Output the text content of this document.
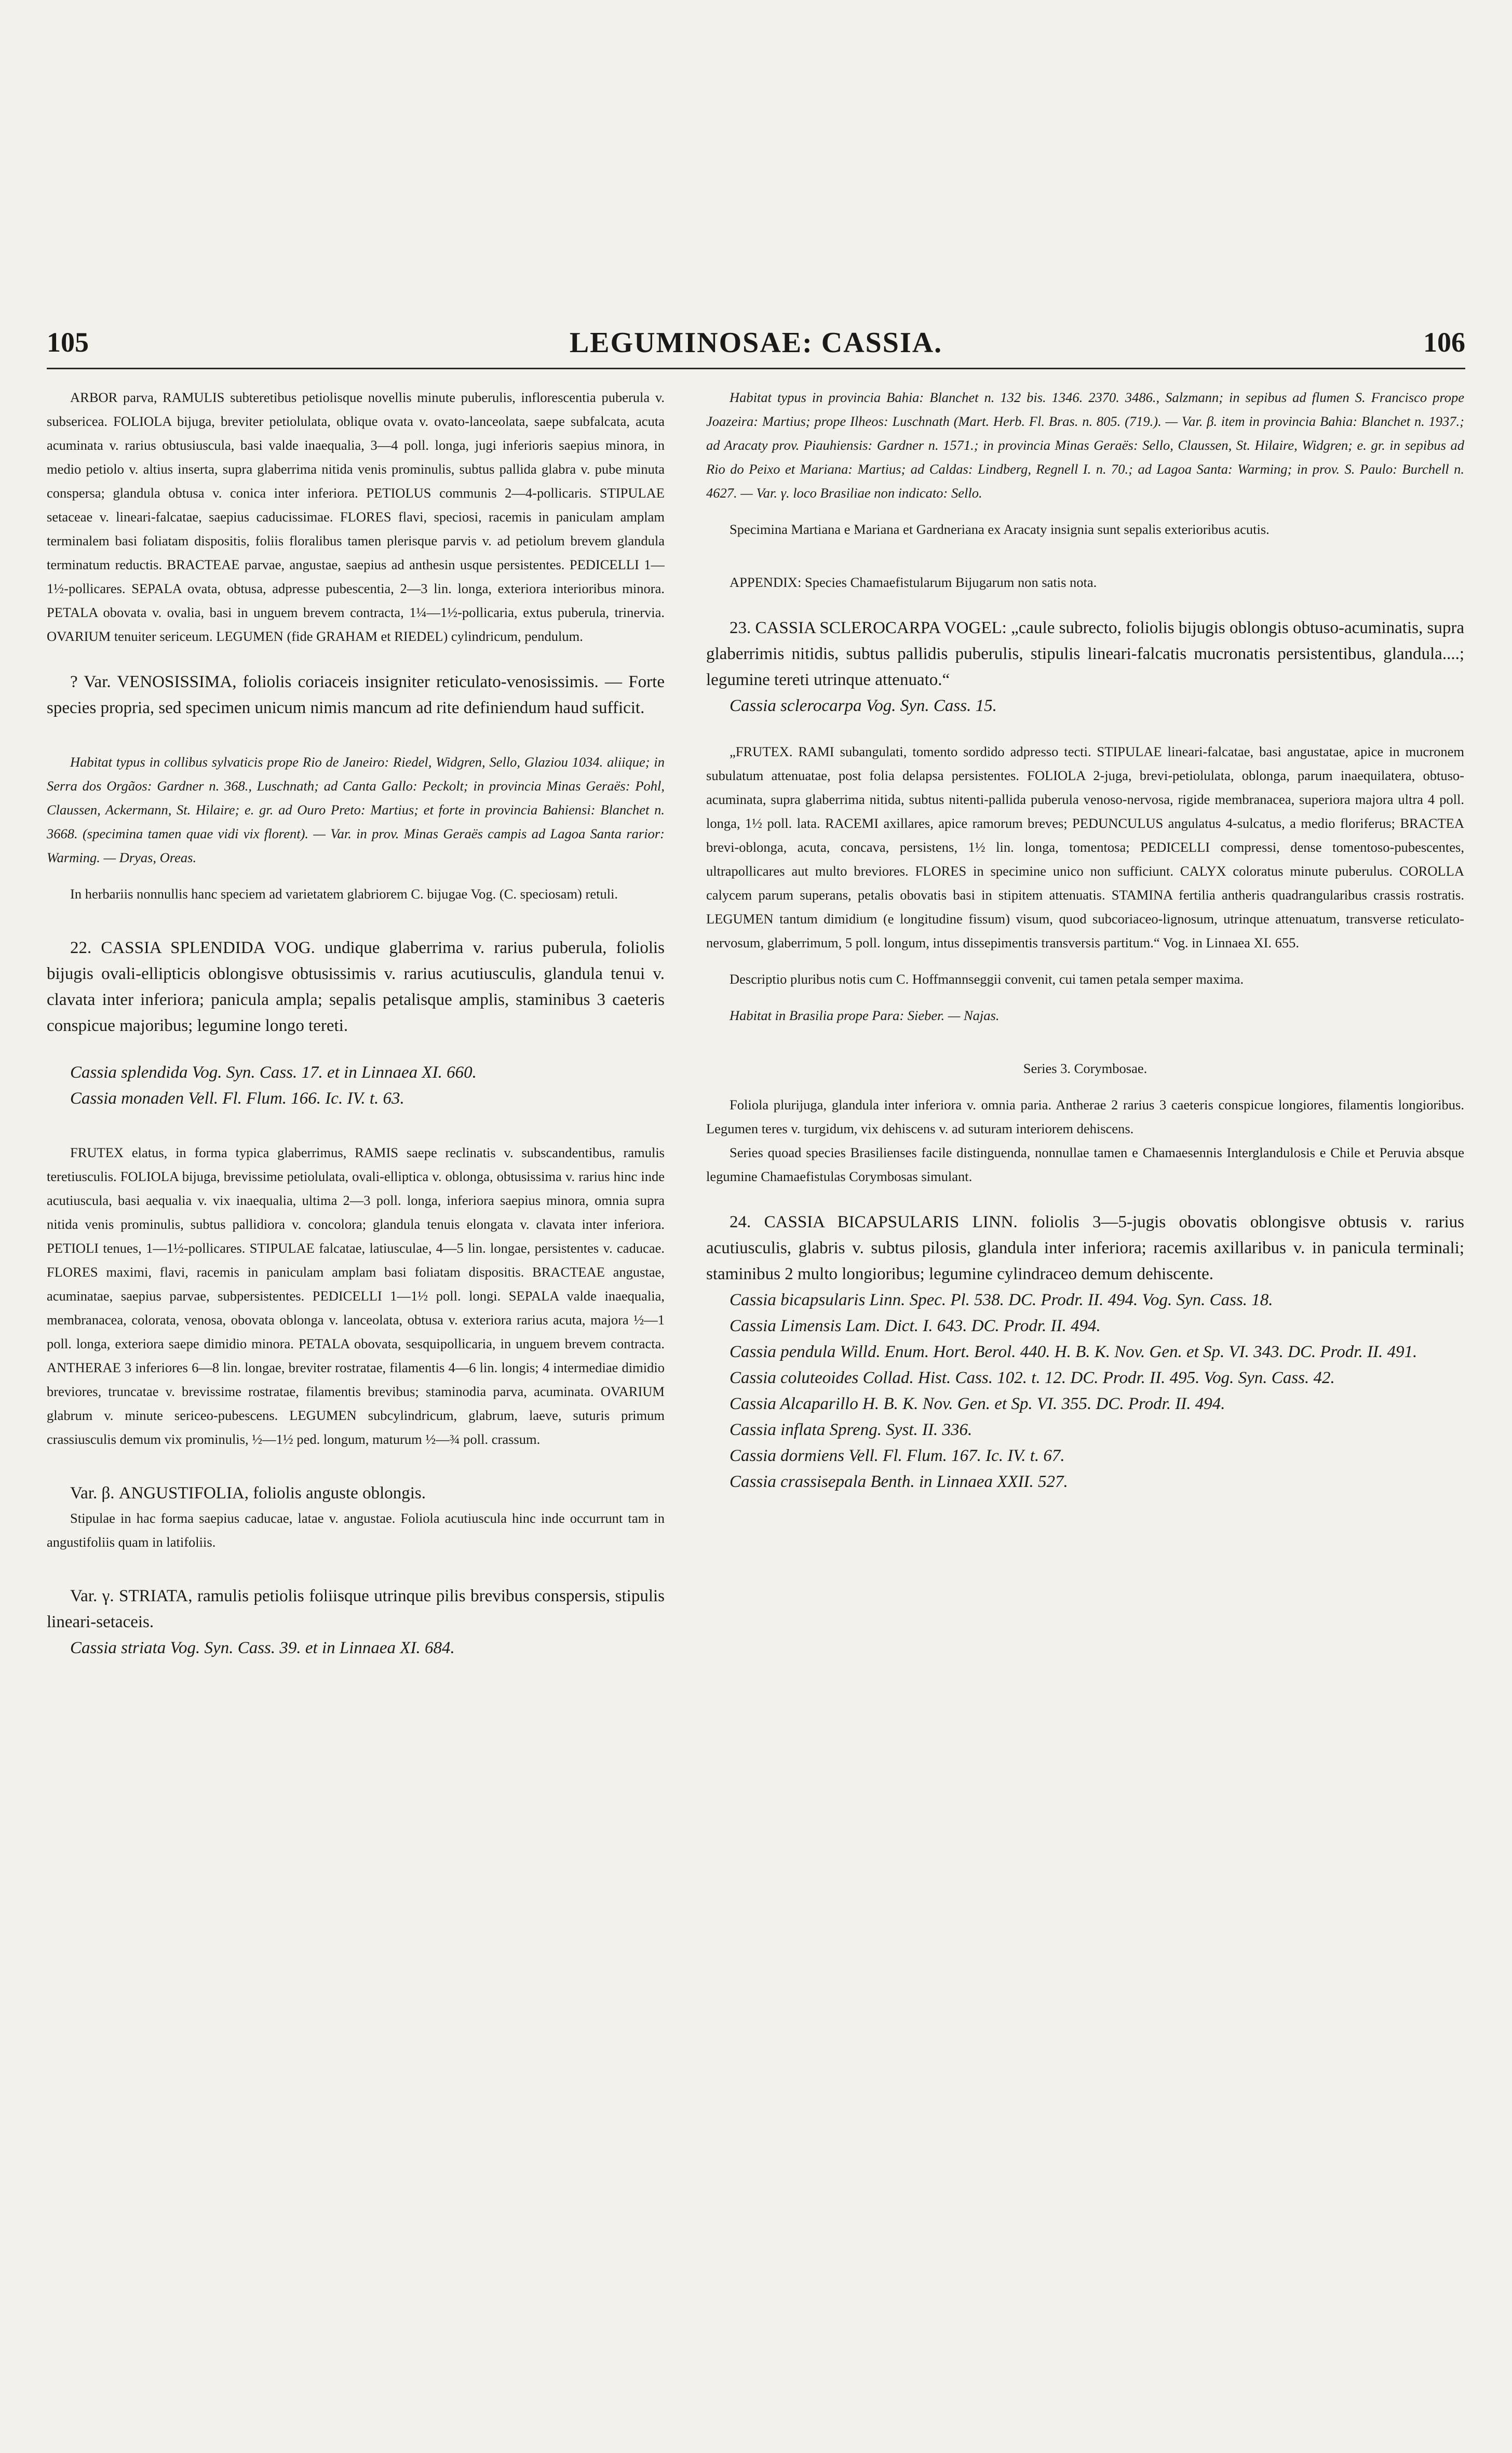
105	LEGUMINOSAE: CASSIA.	106

ARBOR parva, RAMULIS subteretibus petiolisque novellis minute puberulis, inflorescentia puberula v. subsericea. FOLIOLA bijuga, breviter petiolulata, oblique ovata v. ovato-lanceolata, saepe subfalcata, acuta acuminata v. rarius obtusiuscula, basi valde inaequalia, 3—4 poll. longa, jugi inferioris saepius minora, in medio petiolo v. altius inserta, supra glaberrima nitida venis prominulis, subtus pallida glabra v. pube minuta conspersa; glandula obtusa v. conica inter inferiora. PETIOLUS communis 2—4-pollicaris. STIPULAE setaceae v. lineari-falcatae, saepius caducissimae. FLORES flavi, speciosi, racemis in paniculam amplam terminalem basi foliatam dispositis, foliis floralibus tamen plerisque parvis v. ad petiolum brevem glandula terminatum reductis. BRACTEAE parvae, angustae, saepius ad anthesin usque persistentes. PEDICELLI 1—1½-pollicares. SEPALA ovata, obtusa, adpresse pubescentia, 2—3 lin. longa, exteriora interioribus minora. PETALA obovata v. ovalia, basi in unguem brevem contracta, 1¼—1½-pollicaria, extus puberula, trinervia. OVARIUM tenuiter sericeum. LEGUMEN (fide GRAHAM et RIEDEL) cylindricum, pendulum.

? Var. VENOSISSIMA, foliolis coriaceis insigniter reticulato-venosissimis. — Forte species propria, sed specimen unicum nimis mancum ad rite definiendum haud sufficit.

Habitat typus in collibus sylvaticis prope Rio de Janeiro: Riedel, Widgren, Sello, Glaziou 1034. aliique; in Serra dos Orgãos: Gardner n. 368., Luschnath; ad Canta Gallo: Peckolt; in provincia Minas Geraës: Pohl, Claussen, Ackermann, St. Hilaire; e. gr. ad Ouro Preto: Martius; et forte in provincia Bahiensi: Blanchet n. 3668. (specimina tamen quae vidi vix florent). — Var. in prov. Minas Geraës campis ad Lagoa Santa rarior: Warming. — Dryas, Oreas.

In herbariis nonnullis hanc speciem ad varietatem glabriorem C. bijugae Vog. (C. speciosam) retuli.

22. CASSIA SPLENDIDA VOG. undique glaberrima v. rarius puberula, foliolis bijugis ovali-ellipticis oblongisve obtusissimis v. rarius acutiusculis, glandula tenui v. clavata inter inferiora; panicula ampla; sepalis petalisque amplis, staminibus 3 caeteris conspicue majoribus; legumine longo tereti.

Cassia splendida Vog. Syn. Cass. 17. et in Linnaea XI. 660.

Cassia monaden Vell. Fl. Flum. 166. Ic. IV. t. 63.

FRUTEX elatus, in forma typica glaberrimus, RAMIS saepe reclinatis v. subscandentibus, ramulis teretiusculis. FOLIOLA bijuga, brevissime petiolulata, ovali-elliptica v. oblonga, obtusissima v. rarius hinc inde acutiuscula, basi aequalia v. vix inaequalia, ultima 2—3 poll. longa, inferiora saepius minora, omnia supra nitida venis prominulis, subtus pallidiora v. concolora; glandula tenuis elongata v. clavata inter inferiora. PETIOLI tenues, 1—1½-pollicares. STIPULAE falcatae, latiusculae, 4—5 lin. longae, persistentes v. caducae. FLORES maximi, flavi, racemis in paniculam amplam basi foliatam dispositis. BRACTEAE angustae, acuminatae, saepius parvae, subpersistentes. PEDICELLI 1—1½ poll. longi. SEPALA valde inaequalia, membranacea, colorata, venosa, obovata oblonga v. lanceolata, obtusa v. exteriora rarius acuta, majora ½—1 poll. longa, exteriora saepe dimidio minora. PETALA obovata, sesquipollicaria, in unguem brevem contracta. ANTHERAE 3 inferiores 6—8 lin. longae, breviter rostratae, filamentis 4—6 lin. longis; 4 intermediae dimidio breviores, truncatae v. brevissime rostratae, filamentis brevibus; staminodia parva, acuminata. OVARIUM glabrum v. minute sericeo-pubescens. LEGUMEN subcylindricum, glabrum, laeve, suturis primum crassiusculis demum vix prominulis, ½—1½ ped. longum, maturum ½—¾ poll. crassum.

Var. β. ANGUSTIFOLIA, foliolis anguste oblongis.

Stipulae in hac forma saepius caducae, latae v. angustae. Foliola acutiuscula hinc inde occurrunt tam in angustifoliis quam in latifoliis.

Var. γ. STRIATA, ramulis petiolis foliisque utrinque pilis brevibus conspersis, stipulis lineari-setaceis.

Cassia striata Vog. Syn. Cass. 39. et in Linnaea XI. 684.

Habitat typus in provincia Bahia: Blanchet n. 132 bis. 1346. 2370. 3486., Salzmann; in sepibus ad flumen S. Francisco prope Joazeira: Martius; prope Ilheos: Luschnath (Mart. Herb. Fl. Bras. n. 805. (719.). — Var. β. item in provincia Bahia: Blanchet n. 1937.; ad Aracaty prov. Piauhiensis: Gardner n. 1571.; in provincia Minas Geraës: Sello, Claussen, St. Hilaire, Widgren; e. gr. in sepibus ad Rio do Peixo et Mariana: Martius; ad Caldas: Lindberg, Regnell I. n. 70.; ad Lagoa Santa: Warming; in prov. S. Paulo: Burchell n. 4627. — Var. γ. loco Brasiliae non indicato: Sello.

Specimina Martiana e Mariana et Gardneriana ex Aracaty insignia sunt sepalis exterioribus acutis.

APPENDIX: Species Chamaefistularum Bijugarum non satis nota.

23. CASSIA SCLEROCARPA VOGEL: „caule subrecto, foliolis bijugis oblongis obtuso-acuminatis, supra glaberrimis nitidis, subtus pallidis puberulis, stipulis lineari-falcatis mucronatis persistentibus, glandula....; legumine tereti utrinque attenuato.“

Cassia sclerocarpa Vog. Syn. Cass. 15.

„FRUTEX. RAMI subangulati, tomento sordido adpresso tecti. STIPULAE lineari-falcatae, basi angustatae, apice in mucronem subulatum attenuatae, post folia delapsa persistentes. FOLIOLA 2-juga, brevi-petiolulata, oblonga, parum inaequilatera, obtuso-acuminata, supra glaberrima nitida, subtus nitenti-pallida puberula venoso-nervosa, rigide membranacea, superiora majora ultra 4 poll. longa, 1½ poll. lata. RACEMI axillares, apice ramorum breves; PEDUNCULUS angulatus 4-sulcatus, a medio floriferus; BRACTEA brevi-oblonga, acuta, concava, persistens, 1½ lin. longa, tomentosa; PEDICELLI compressi, dense tomentoso-pubescentes, ultrapollicares aut multo breviores. FLORES in specimine unico non sufficiunt. CALYX coloratus minute puberulus. COROLLA calycem parum superans, petalis obovatis basi in stipitem attenuatis. STAMINA fertilia antheris quadrangularibus crassis rostratis. LEGUMEN tantum dimidium (e longitudine fissum) visum, quod subcoriaceo-lignosum, utrinque attenuatum, transverse reticulato-nervosum, glaberrimum, 5 poll. longum, intus dissepimentis transversis partitum.“ Vog. in Linnaea XI. 655.

Descriptio pluribus notis cum C. Hoffmannseggii convenit, cui tamen petala semper maxima.

Habitat in Brasilia prope Para: Sieber. — Najas.

Series 3. Corymbosae.

Foliola plurijuga, glandula inter inferiora v. omnia paria. Antherae 2 rarius 3 caeteris conspicue longiores, filamentis longioribus. Legumen teres v. turgidum, vix dehiscens v. ad suturam interiorem dehiscens.

Series quoad species Brasilienses facile distinguenda, nonnullae tamen e Chamaesennis Interglandulosis e Chile et Peruvia absque legumine Chamaefistulas Corymbosas simulant.

24. CASSIA BICAPSULARIS LINN. foliolis 3—5-jugis obovatis oblongisve obtusis v. rarius acutiusculis, glabris v. subtus pilosis, glandula inter inferiora; racemis axillaribus v. in panicula terminali; staminibus 2 multo longioribus; legumine cylindraceo demum dehiscente.

Cassia bicapsularis Linn. Spec. Pl. 538. DC. Prodr. II. 494. Vog. Syn. Cass. 18.

Cassia Limensis Lam. Dict. I. 643. DC. Prodr. II. 494.

Cassia pendula Willd. Enum. Hort. Berol. 440. H. B. K. Nov. Gen. et Sp. VI. 343. DC. Prodr. II. 491.

Cassia coluteoides Collad. Hist. Cass. 102. t. 12. DC. Prodr. II. 495. Vog. Syn. Cass. 42.

Cassia Alcaparillo H. B. K. Nov. Gen. et Sp. VI. 355. DC. Prodr. II. 494.

Cassia inflata Spreng. Syst. II. 336.

Cassia dormiens Vell. Fl. Flum. 167. Ic. IV. t. 67.

Cassia crassisepala Benth. in Linnaea XXII. 527.
